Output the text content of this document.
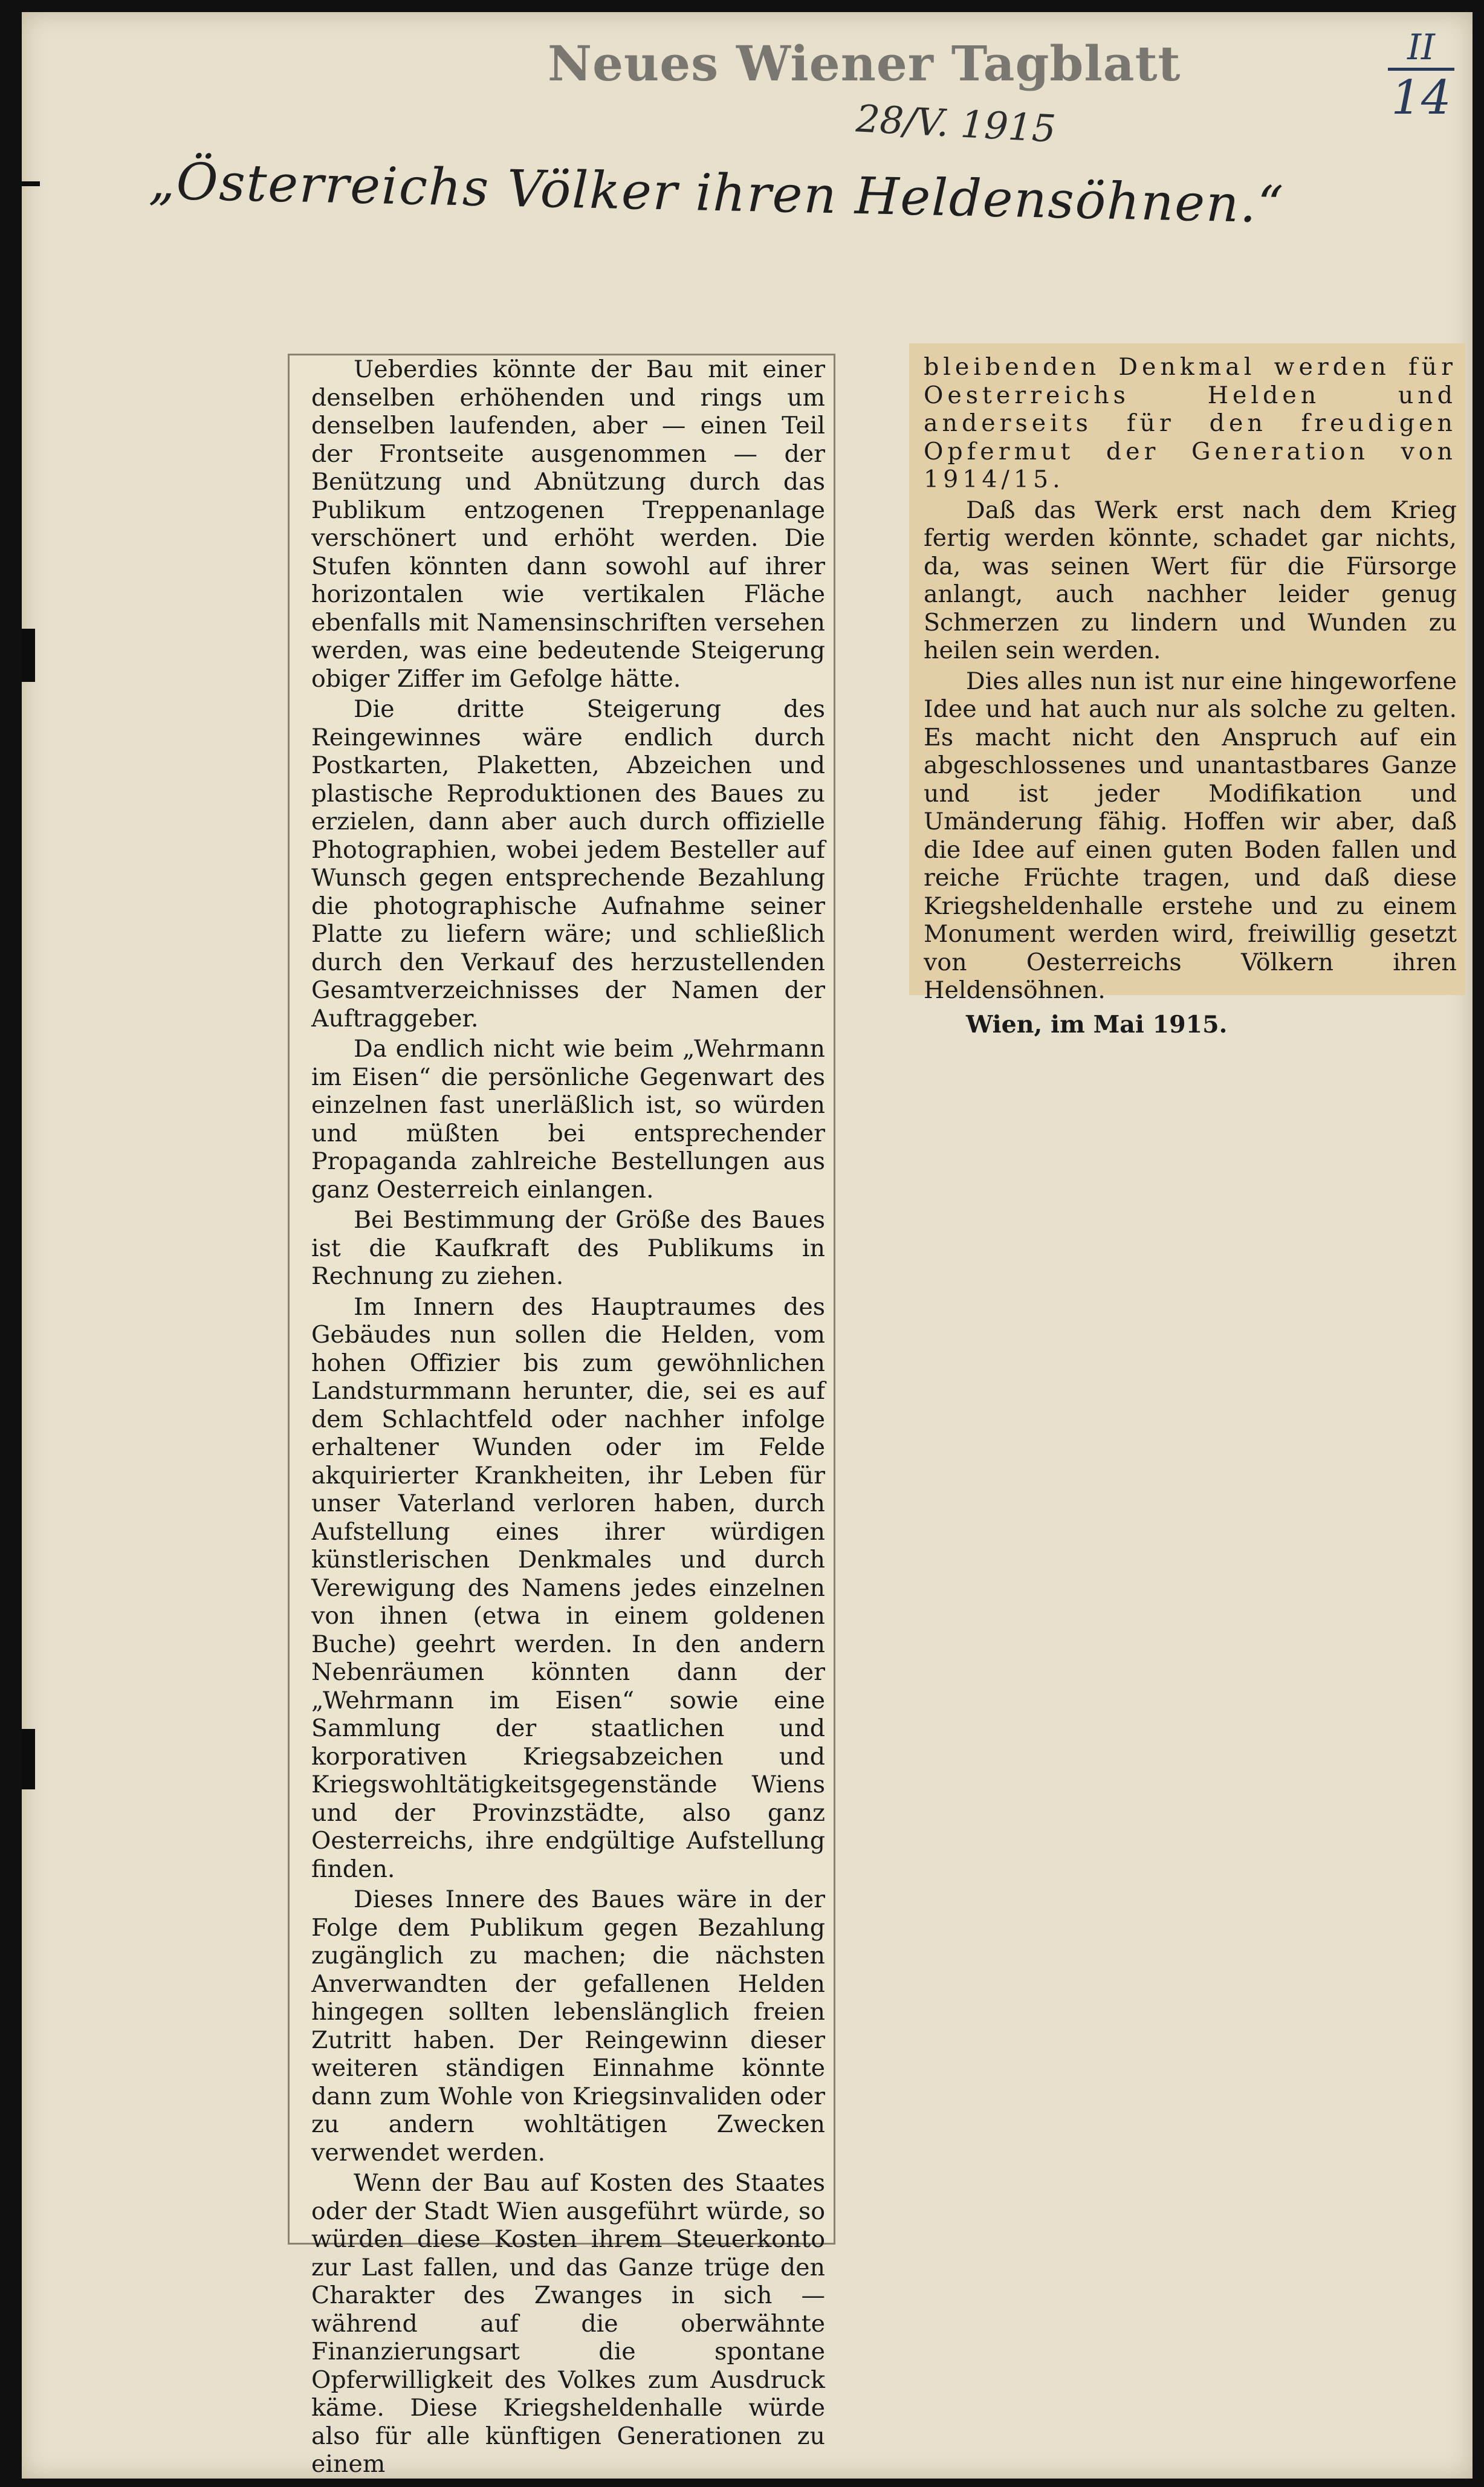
Neues Wiener Tagblatt
28/V. 1915
II
14
„Österreichs Völker ihren Heldensöhnen.“

Ueberdies könnte der Bau mit einer denselben erhöhenden und rings um denselben laufenden, aber — einen Teil der Frontseite ausgenommen — der Benützung und Abnützung durch das Publikum entzogenen Treppenanlage verschönert und erhöht werden. Die Stufen könnten dann sowohl auf ihrer horizontalen wie vertikalen Fläche ebenfalls mit Namensinschriften versehen werden, was eine bedeutende Steigerung obiger Ziffer im Gefolge hätte.

Die dritte Steigerung des Reingewinnes wäre endlich durch Postkarten, Plaketten, Abzeichen und plastische Reproduktionen des Baues zu erzielen, dann aber auch durch offizielle Photographien, wobei jedem Besteller auf Wunsch gegen entsprechende Bezahlung die photographische Aufnahme seiner Platte zu liefern wäre; und schließlich durch den Verkauf des herzustellenden Gesamtverzeichnisses der Namen der Auftraggeber.

Da endlich nicht wie beim „Wehrmann im Eisen“ die persönliche Gegenwart des einzelnen fast unerläßlich ist, so würden und müßten bei entsprechender Propaganda zahlreiche Bestellungen aus ganz Oesterreich einlangen.

Bei Bestimmung der Größe des Baues ist die Kaufkraft des Publikums in Rechnung zu ziehen.

Im Innern des Hauptraumes des Gebäudes nun sollen die Helden, vom hohen Offizier bis zum gewöhnlichen Landsturmmann herunter, die, sei es auf dem Schlachtfeld oder nachher infolge erhaltener Wunden oder im Felde akquirierter Krankheiten, ihr Leben für unser Vaterland verloren haben, durch Aufstellung eines ihrer würdigen künstlerischen Denkmales und durch Verewigung des Namens jedes einzelnen von ihnen (etwa in einem goldenen Buche) geehrt werden. In den andern Nebenräumen könnten dann der „Wehrmann im Eisen“ sowie eine Sammlung der staatlichen und korporativen Kriegsabzeichen und Kriegswohltätigkeitsgegenstände Wiens und der Provinzstädte, also ganz Oesterreichs, ihre endgültige Aufstellung finden.

Dieses Innere des Baues wäre in der Folge dem Publikum gegen Bezahlung zugänglich zu machen; die nächsten Anverwandten der gefallenen Helden hingegen sollten lebenslänglich freien Zutritt haben. Der Reingewinn dieser weiteren ständigen Einnahme könnte dann zum Wohle von Kriegsinvaliden oder zu andern wohltätigen Zwecken verwendet werden.

Wenn der Bau auf Kosten des Staates oder der Stadt Wien ausgeführt würde, so würden diese Kosten ihrem Steuerkonto zur Last fallen, und das Ganze trüge den Charakter des Zwanges in sich — während auf die oberwähnte Finanzierungsart die spontane Opferwilligkeit des Volkes zum Ausdruck käme. Diese Kriegsheldenhalle würde also für alle künftigen Generationen zu einem

bleibenden Denkmal werden für Oesterreichs Helden und anderseits für den freudigen Opfermut der Generation von 1914/15.

Daß das Werk erst nach dem Krieg fertig werden könnte, schadet gar nichts, da, was seinen Wert für die Fürsorge anlangt, auch nachher leider genug Schmerzen zu lindern und Wunden zu heilen sein werden.

Dies alles nun ist nur eine hingeworfene Idee und hat auch nur als solche zu gelten. Es macht nicht den Anspruch auf ein abgeschlossenes und unantastbares Ganze und ist jeder Modifikation und Umänderung fähig. Hoffen wir aber, daß die Idee auf einen guten Boden fallen und reiche Früchte tragen, und daß diese Kriegsheldenhalle erstehe und zu einem Monument werden wird, freiwillig gesetzt von Oesterreichs Völkern ihren Heldensöhnen.

Wien, im Mai 1915.
